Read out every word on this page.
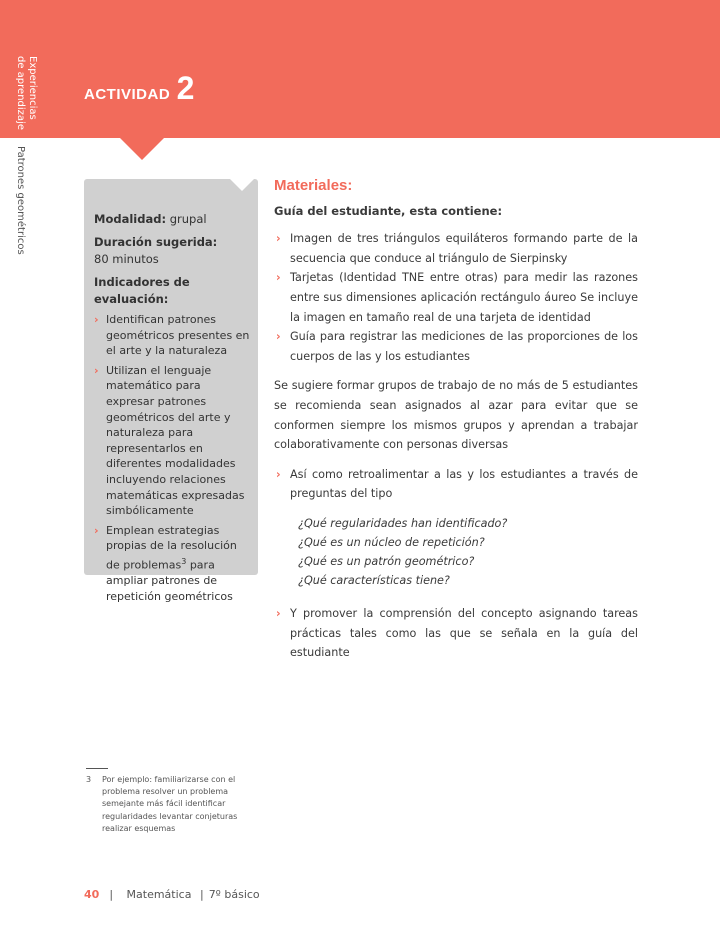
Experiencias
de aprendizaje
Patrones geométricos
ACTIVIDAD 2

Modalidad: grupal

Duración sugerida:
80 minutos

Indicadores de evaluación:

› Identifican patrones geométricos presentes en el arte y la naturaleza
› Utilizan el lenguaje matemático para expresar patrones geométricos del arte y naturaleza para representarlos en diferentes modalidades incluyendo relaciones matemáticas expresadas simbólicamente
› Emplean estrategias propias de la resolución de problemas$^3$ para ampliar patrones de repetición geométricos
Materiales:

Guía del estudiante, esta contiene:

› Imagen de tres triángulos equiláteros formando parte de la secuencia que conduce al triángulo de Sierpinsky
› Tarjetas (Identidad TNE entre otras) para medir las razones entre sus dimensiones aplicación rectángulo áureo Se incluye la imagen en tamaño real de una tarjeta de identidad
› Guía para registrar las mediciones de las proporciones de los cuerpos de las y los estudiantes

Se sugiere formar grupos de trabajo de no más de 5 estudiantes se recomienda sean asignados al azar para evitar que se conformen siempre los mismos grupos y aprendan a trabajar colaborativamente con personas diversas

› Así como retroalimentar a las y los estudiantes a través de preguntas del tipo
¿Qué regularidades han identificado?
¿Qué es un núcleo de repetición?
¿Qué es un patrón geométrico?
¿Qué características tiene?
› Y promover la comprensión del concepto asignando tareas prácticas tales como las que se señala en la guía del estudiante
3 Por ejemplo: familiarizarse con el problema resolver un problema semejante más fácil identificar regularidades levantar conjeturas realizar esquemas
40 | Matemática | 7º básico
